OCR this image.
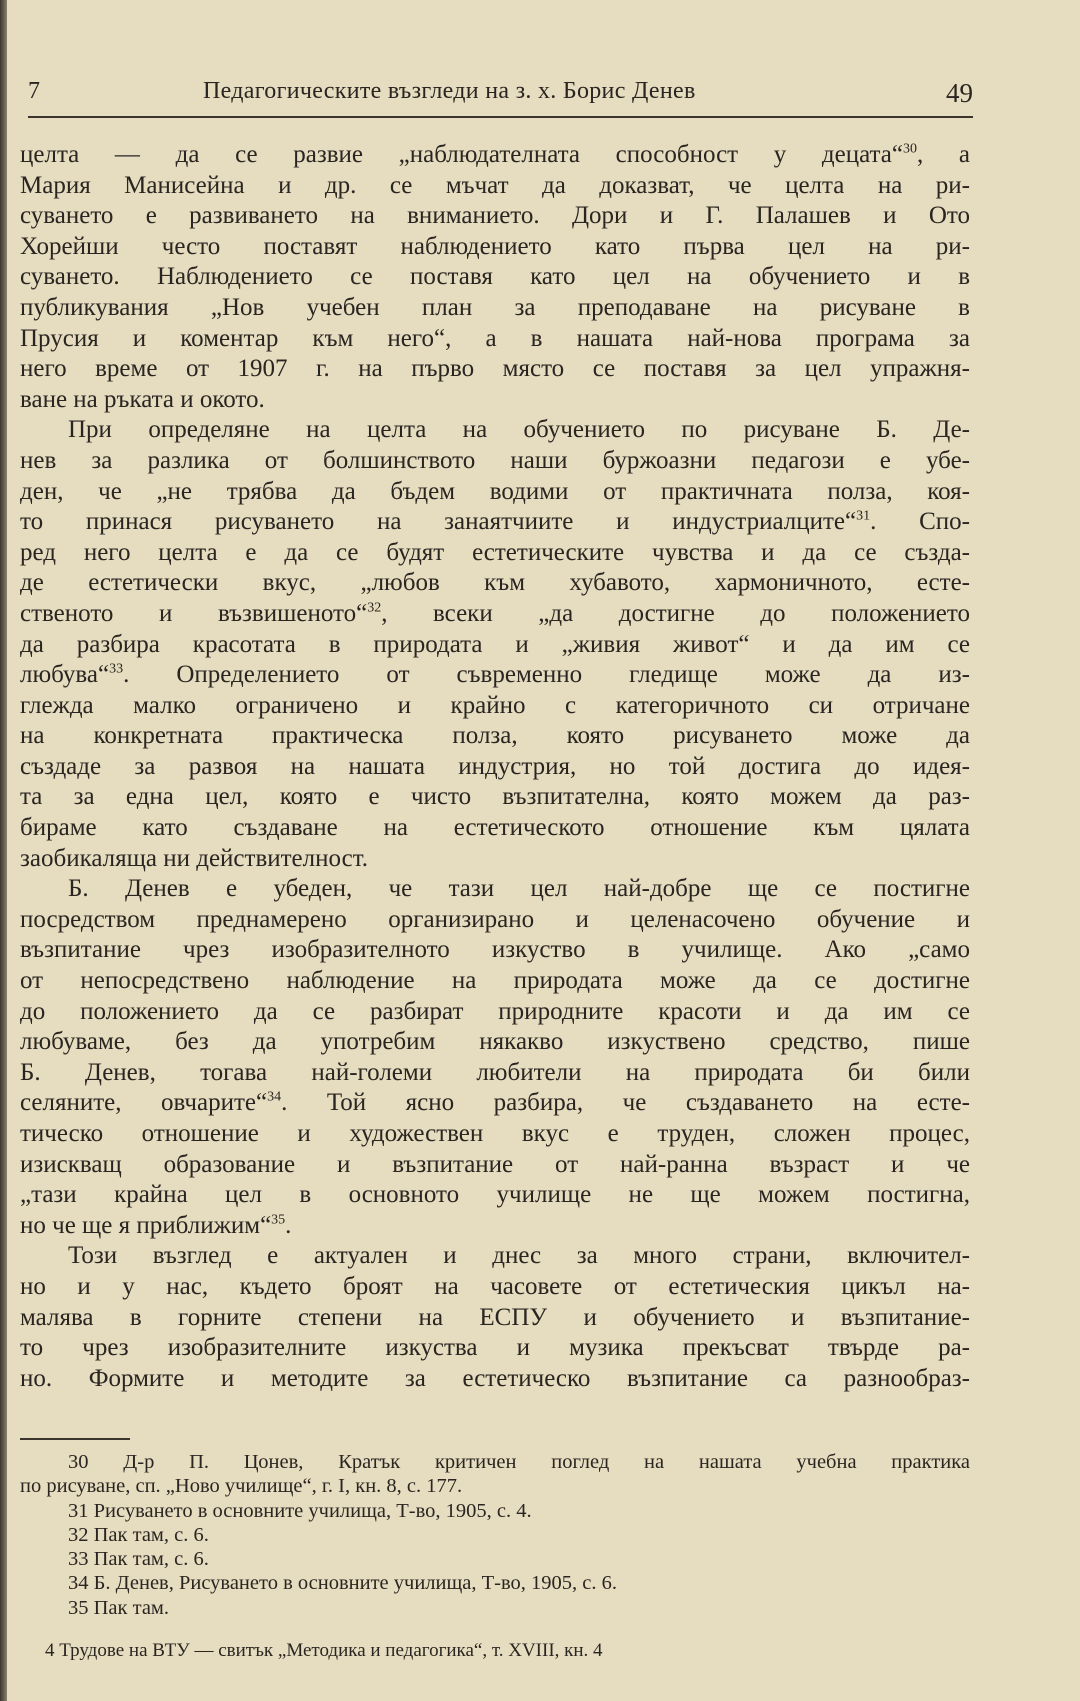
7	Педагогическите възгледи на з. х. Борис Денев	49
целта — да се развие „наблюдателната способност у децата“$^{30}$, а
Мария Манисейна и др. се мъчат да доказват, че целта на ри-
суването е развиването на вниманието. Дори и Г. Палашев и Ото
Хорейши често поставят наблюдението като първа цел на ри-
суването. Наблюдението се поставя като цел на обучението и в
публикувания „Нов учебен план за преподаване на рисуване в
Прусия и коментар към него“, а в нашата най-нова програма за
него време от 1907 г. на първо място се поставя за цел упражня-
ване на ръката и окото.
При определяне на целта на обучението по рисуване Б. Де-
нев за разлика от болшинството наши буржоазни педагози е убе-
ден, че „не трябва да бъдем водими от практичната полза, коя-
то принася рисуването на занаятчиите и индустриалците“$^{31}$. Спо-
ред него целта е да се будят естетическите чувства и да се създа-
де естетически вкус, „любов към хубавото, хармоничното, есте-
ственото и възвишеното“$^{32}$, всеки „да достигне до положението
да разбира красотата в природата и „живия живот“ и да им се
любува“$^{33}$. Определението от съвременно гледище може да из-
глежда малко ограничено и крайно с категоричното си отричане
на конкретната практическа полза, която рисуването може да
създаде за развоя на нашата индустрия, но той достига до идея-
та за една цел, която е чисто възпитателна, която можем да раз-
бираме като създаване на естетическото отношение към цялата
заобикаляща ни действителност.
Б. Денев е убеден, че тази цел най-добре ще се постигне
посредством преднамерено организирано и целенасочено обучение и
възпитание чрез изобразителното изкуство в училище. Ако „само
от непосредствено наблюдение на природата може да се достигне
до положението да се разбират природните красоти и да им се
любуваме, без да употребим някакво изкуствено средство, пише
Б. Денев, тогава най-големи любители на природата би били
селяните, овчарите“$^{34}$. Той ясно разбира, че създаването на есте-
тическо отношение и художествен вкус е труден, сложен процес,
изискващ образование и възпитание от най-ранна възраст и че
„тази крайна цел в основното училище не ще можем постигна,
но че ще я приближим“$^{35}$.
Този възглед е актуален и днес за много страни, включител-
но и у нас, където броят на часовете от естетическия цикъл на-
малява в горните степени на ЕСПУ и обучението и възпитание-
то чрез изобразителните изкуства и музика прекъсват твърде ра-
но. Формите и методите за естетическо възпитание са разнообраз-
30 Д-р П. Цонев, Кратък критичен поглед на нашата учебна практика
по рисуване, сп. „Ново училище“, г. I, кн. 8, с. 177.
31 Рисуването в основните училища, Т-во, 1905, с. 4.
32 Пак там, с. 6.
33 Пак там, с. 6.
34 Б. Денев, Рисуването в основните училища, Т-во, 1905, с. 6.
35 Пак там.
4 Трудове на ВТУ — свитък „Методика и педагогика“, т. XVIII, кн. 4
